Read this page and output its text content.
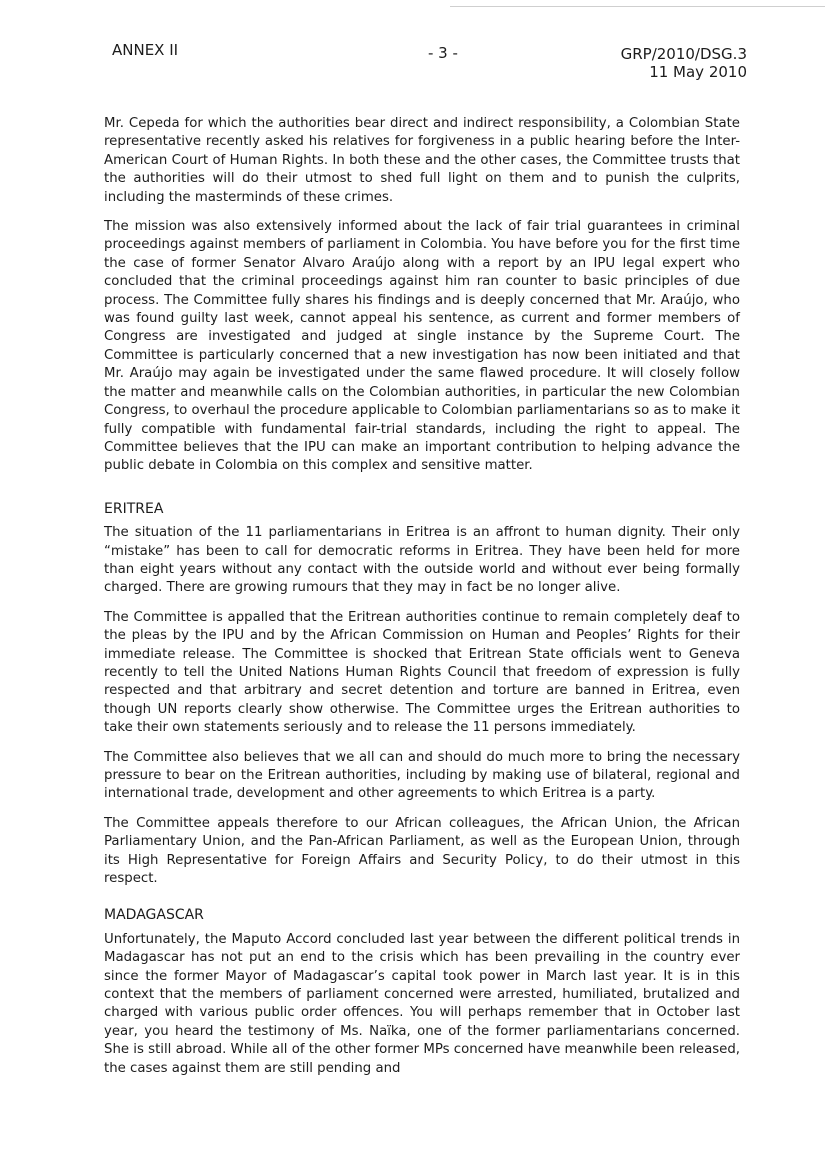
ANNEX II	- 3 -	GRP/2010/DSG.3
11 May 2010

Mr. Cepeda for which the authorities bear direct and indirect responsibility, a Colombian State representative recently asked his relatives for forgiveness in a public hearing before the Inter-American Court of Human Rights. In both these and the other cases, the Committee trusts that the authorities will do their utmost to shed full light on them and to punish the culprits, including the masterminds of these crimes.

The mission was also extensively informed about the lack of fair trial guarantees in criminal proceedings against members of parliament in Colombia. You have before you for the first time the case of former Senator Alvaro Araújo along with a report by an IPU legal expert who concluded that the criminal proceedings against him ran counter to basic principles of due process. The Committee fully shares his findings and is deeply concerned that Mr. Araújo, who was found guilty last week, cannot appeal his sentence, as current and former members of Congress are investigated and judged at single instance by the Supreme Court. The Committee is particularly concerned that a new investigation has now been initiated and that Mr. Araújo may again be investigated under the same flawed procedure. It will closely follow the matter and meanwhile calls on the Colombian authorities, in particular the new Colombian Congress, to overhaul the procedure applicable to Colombian parliamentarians so as to make it fully compatible with fundamental fair-trial standards, including the right to appeal. The Committee believes that the IPU can make an important contribution to helping advance the public debate in Colombia on this complex and sensitive matter.

ERITREA

The situation of the 11 parliamentarians in Eritrea is an affront to human dignity. Their only “mistake” has been to call for democratic reforms in Eritrea. They have been held for more than eight years without any contact with the outside world and without ever being formally charged. There are growing rumours that they may in fact be no longer alive.

The Committee is appalled that the Eritrean authorities continue to remain completely deaf to the pleas by the IPU and by the African Commission on Human and Peoples’ Rights for their immediate release. The Committee is shocked that Eritrean State officials went to Geneva recently to tell the United Nations Human Rights Council that freedom of expression is fully respected and that arbitrary and secret detention and torture are banned in Eritrea, even though UN reports clearly show otherwise. The Committee urges the Eritrean authorities to take their own statements seriously and to release the 11 persons immediately.

The Committee also believes that we all can and should do much more to bring the necessary pressure to bear on the Eritrean authorities, including by making use of bilateral, regional and international trade, development and other agreements to which Eritrea is a party.

The Committee appeals therefore to our African colleagues, the African Union, the African Parliamentary Union, and the Pan-African Parliament, as well as the European Union, through its High Representative for Foreign Affairs and Security Policy, to do their utmost in this respect.

MADAGASCAR

Unfortunately, the Maputo Accord concluded last year between the different political trends in Madagascar has not put an end to the crisis which has been prevailing in the country ever since the former Mayor of Madagascar’s capital took power in March last year. It is in this context that the members of parliament concerned were arrested, humiliated, brutalized and charged with various public order offences. You will perhaps remember that in October last year, you heard the testimony of Ms. Naïka, one of the former parliamentarians concerned. She is still abroad. While all of the other former MPs concerned have meanwhile been released, the cases against them are still pending and
